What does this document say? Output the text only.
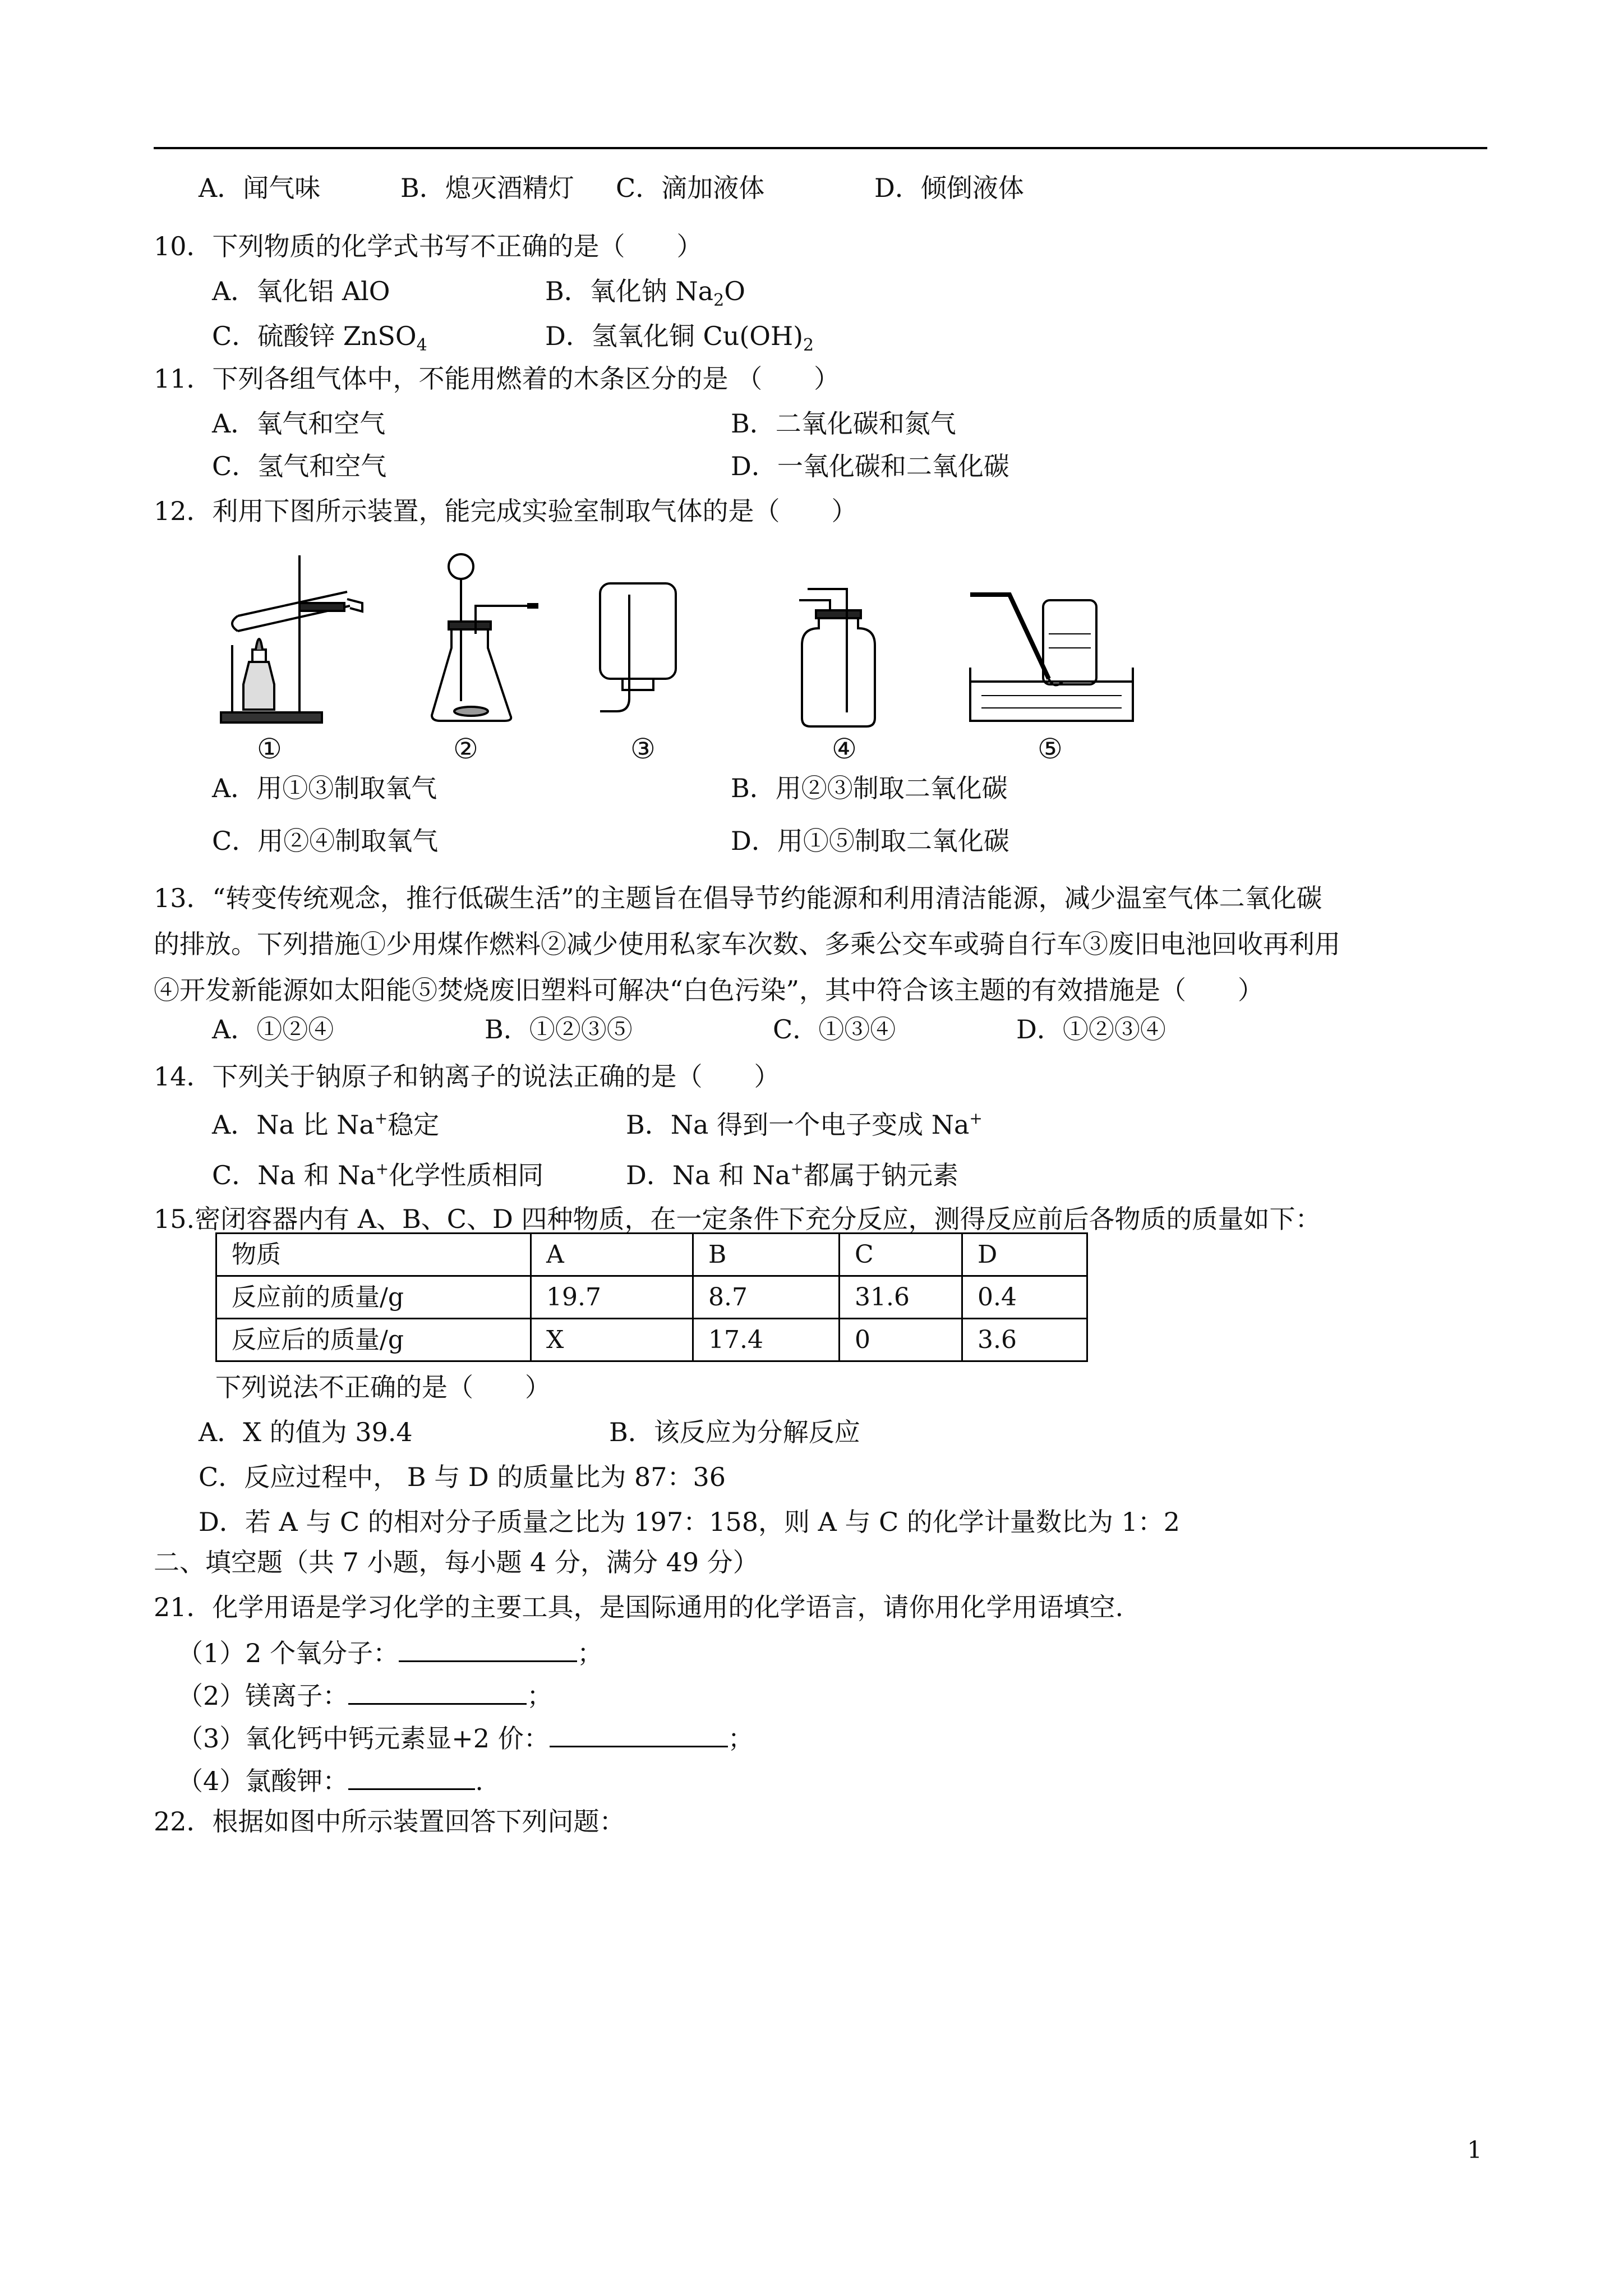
A．闻气味	B．熄灭酒精灯 C．滴加液体	D．倾倒液体
10．下列物质的化学式书写不正确的是（　　）
A．氧化铝 AlO	B．氧化钠 $Na_2O$
C．硫酸锌 ZnSO$_4$	D．氢氧化铜 $Cu(OH)_2$
11．下列各组气体中，不能用燃着的木条区分的是 （　　）
A．氧气和空气	B．二氧化碳和氮气
C．氢气和空气	D．一氧化碳和二氧化碳
12．利用下图所示装置，能完成实验室制取气体的是（　　）
①	②	③	④	⑤
A．用①③制取氧气	B．用②③制取二氧化碳
C．用②④制取氧气	D．用①⑤制取二氧化碳
13．“转变传统观念，推行低碳生活”的主题旨在倡导节约能源和利用清洁能源，减少温室气体二氧化碳
的排放。下列措施①少用煤作燃料②减少使用私家车次数、多乘公交车或骑自行车③废旧电池回收再利用
④开发新能源如太阳能⑤焚烧废旧塑料可解决“白色污染”，其中符合该主题的有效措施是（　　）
A．①②④	B．①②③⑤	C．①③④	D．①②③④
14．下列关于钠原子和钠离子的说法正确的是（　　）
A．Na 比 Na+稳定	B．Na 得到一个电子变成 Na+
C．Na 和 Na+化学性质相同	D．Na 和 Na+都属于钠元素
15.密闭容器内有 A、B、C、D 四种物质，在一定条件下充分反应，测得反应前后各物质的质量如下：
物质	A	B	C	D
反应前的质量/g	19.7	8.7	31.6	0.4
反应后的质量/g	X	17.4	0	3.6
下列说法不正确的是（　　）
A．X 的值为 39.4	B．该反应为分解反应
C．反应过程中， B 与 D 的质量比为 87：36
D．若 A 与 C 的相对分子质量之比为 197：158，则 A 与 C 的化学计量数比为 1：2
二、填空题（共 7 小题，每小题 4 分，满分 49 分）
21．化学用语是学习化学的主要工具，是国际通用的化学语言，请你用化学用语填空.
（1）2 个氧分子：	；
（2）镁离子：	；
（3）氧化钙中钙元素显+2 价：	；
（4）氯酸钾：	.
22．根据如图中所示装置回答下列问题：
1
